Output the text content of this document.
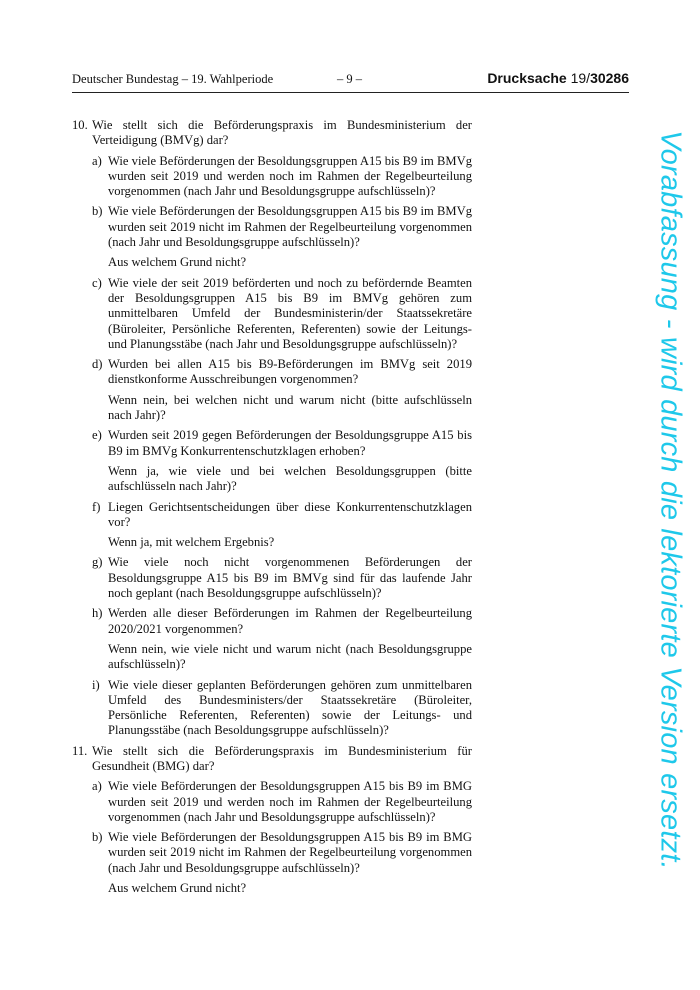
Deutscher Bundestag – 19. Wahlperiode	– 9 –	Drucksache 19/30286
10. Wie stellt sich die Beförderungspraxis im Bundesministerium der Verteidigung (BMVg) dar?
a) Wie viele Beförderungen der Besoldungsgruppen A15 bis B9 im BMVg wurden seit 2019 und werden noch im Rahmen der Regelbeurteilung vorgenommen (nach Jahr und Besoldungsgruppe aufschlüsseln)?
b) Wie viele Beförderungen der Besoldungsgruppen A15 bis B9 im BMVg wurden seit 2019 nicht im Rahmen der Regelbeurteilung vorgenommen (nach Jahr und Besoldungsgruppe aufschlüsseln)?
Aus welchem Grund nicht?
c) Wie viele der seit 2019 beförderten und noch zu befördernde Beamten der Besoldungsgruppen A15 bis B9 im BMVg gehören zum unmittelbaren Umfeld der Bundesministerin/der Staatssekretäre (Büroleiter, Persönliche Referenten, Referenten) sowie der Leitungs- und Planungsstäbe (nach Jahr und Besoldungsgruppe aufschlüsseln)?
d) Wurden bei allen A15 bis B9-Beförderungen im BMVg seit 2019 dienstkonforme Ausschreibungen vorgenommen?
Wenn nein, bei welchen nicht und warum nicht (bitte aufschlüsseln nach Jahr)?
e) Wurden seit 2019 gegen Beförderungen der Besoldungsgruppe A15 bis B9 im BMVg Konkurrentenschutzklagen erhoben?
Wenn ja, wie viele und bei welchen Besoldungsgruppen (bitte aufschlüsseln nach Jahr)?
f) Liegen Gerichtsentscheidungen über diese Konkurrentenschutzklagen vor?
Wenn ja, mit welchem Ergebnis?
g) Wie viele noch nicht vorgenommenen Beförderungen der Besoldungsgruppe A15 bis B9 im BMVg sind für das laufende Jahr noch geplant (nach Besoldungsgruppe aufschlüsseln)?
h) Werden alle dieser Beförderungen im Rahmen der Regelbeurteilung 2020/2021 vorgenommen?
Wenn nein, wie viele nicht und warum nicht (nach Besoldungsgruppe aufschlüsseln)?
i) Wie viele dieser geplanten Beförderungen gehören zum unmittelbaren Umfeld des Bundesministers/der Staatssekretäre (Büroleiter, Persönliche Referenten, Referenten) sowie der Leitungs- und Planungsstäbe (nach Besoldungsgruppe aufschlüsseln)?
11. Wie stellt sich die Beförderungspraxis im Bundesministerium für Gesundheit (BMG) dar?
a) Wie viele Beförderungen der Besoldungsgruppen A15 bis B9 im BMG wurden seit 2019 und werden noch im Rahmen der Regelbeurteilung vorgenommen (nach Jahr und Besoldungsgruppe aufschlüsseln)?
b) Wie viele Beförderungen der Besoldungsgruppen A15 bis B9 im BMG wurden seit 2019 nicht im Rahmen der Regelbeurteilung vorgenommen (nach Jahr und Besoldungsgruppe aufschlüsseln)?
Aus welchem Grund nicht?
Vorabfassung - wird durch die lektorierte Version ersetzt.
